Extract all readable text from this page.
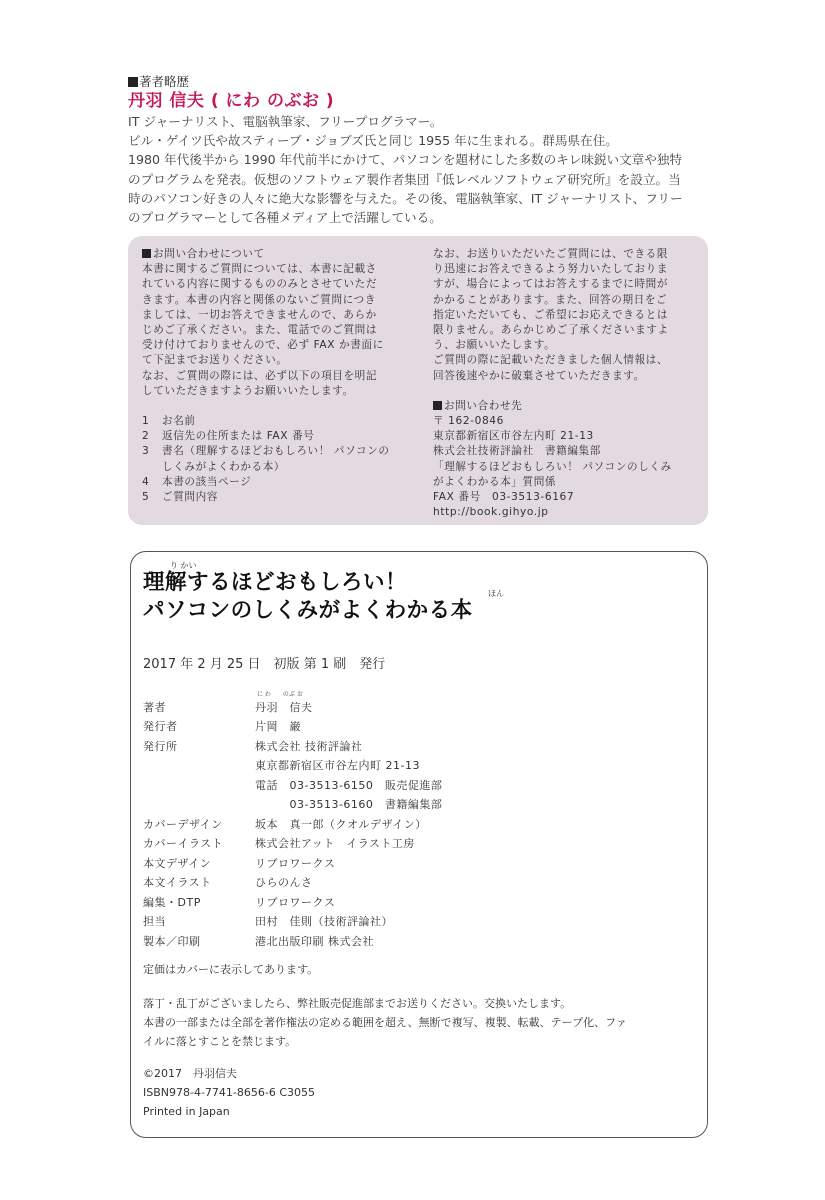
著者略歴
丹羽 信夫 ( にわ のぶお )

IT ジャーナリスト、電脳執筆家、フリープログラマー。

ビル・ゲイツ氏や故スティーブ・ジョブズ氏と同じ 1955 年に生まれる。群馬県在住。

1980 年代後半から 1990 年代前半にかけて、パソコンを題材にした多数のキレ味鋭い文章や独特

のプログラムを発表。仮想のソフトウェア製作者集団『低レベルソフトウェア研究所』を設立。当

時のパソコン好きの人々に絶大な影響を与えた。その後、電脳執筆家、IT ジャーナリスト、フリー

のプログラマーとして各種メディア上で活躍している。

お問い合わせについて

本書に関するご質問については、本書に記載さ

れている内容に関するもののみとさせていただ

きます。本書の内容と関係のないご質問につき

ましては、一切お答えできませんので、あらか

じめご了承ください。また、電話でのご質問は

受け付けておりませんので、必ず FAX か書面に

て下記までお送りください。

なお、ご質問の際には、必ず以下の項目を明記

していただきますようお願いいたします。

1	お名前
2	返信先の住所または FAX 番号
3	書名（理解するほどおもしろい！ パソコンの
しくみがよくわかる本）
4	本書の該当ページ
5	ご質問内容

なお、お送りいただいたご質問には、できる限

り迅速にお答えできるよう努力いたしておりま

すが、場合によってはお答えするまでに時間が

かかることがあります。また、回答の期日をご

指定いただいても、ご希望にお応えできるとは

限りません。あらかじめご了承くださいますよ

う、お願いいたします。

ご質問の際に記載いただきました個人情報は、

回答後速やかに破棄させていただきます。

お問い合わせ先

〒 162-0846

東京都新宿区市谷左内町 21-13

株式会社技術評論社　書籍編集部

「理解するほどおもしろい！ パソコンのしくみ

がよくわかる本」質問係

FAX 番号　03-3513-6167

http://book.gihyo.jp

り かい
理解するほどおもしろい！	ほん
パソコンのしくみがよくわかる本
2017 年 2 月 25 日　初版 第 1 刷　発行
に わ　　のぶ お
著者	丹羽　信夫
発行者	片岡　巌
発行所	株式会社 技術評論社
東京都新宿区市谷左内町 21-13
電話　03-3513-6150　販売促進部
　　　03-3513-6160　書籍編集部
カバーデザイン	坂本　真一郎（クオルデザイン）
カバーイラスト	株式会社アット　イラスト工房
本文デザイン	リブロワークス
本文イラスト	ひらのんさ
編集・DTP	リブロワークス
担当	田村　佳則（技術評論社）
製本／印刷	港北出版印刷 株式会社

定価はカバーに表示してあります。

落丁・乱丁がございましたら、弊社販売促進部までお送りください。交換いたします。

本書の一部または全部を著作権法の定める範囲を超え、無断で複写、複製、転載、テープ化、ファ

イルに落とすことを禁じます。

©2017　丹羽信夫

ISBN978-4-7741-8656-6 C3055

Printed in Japan
